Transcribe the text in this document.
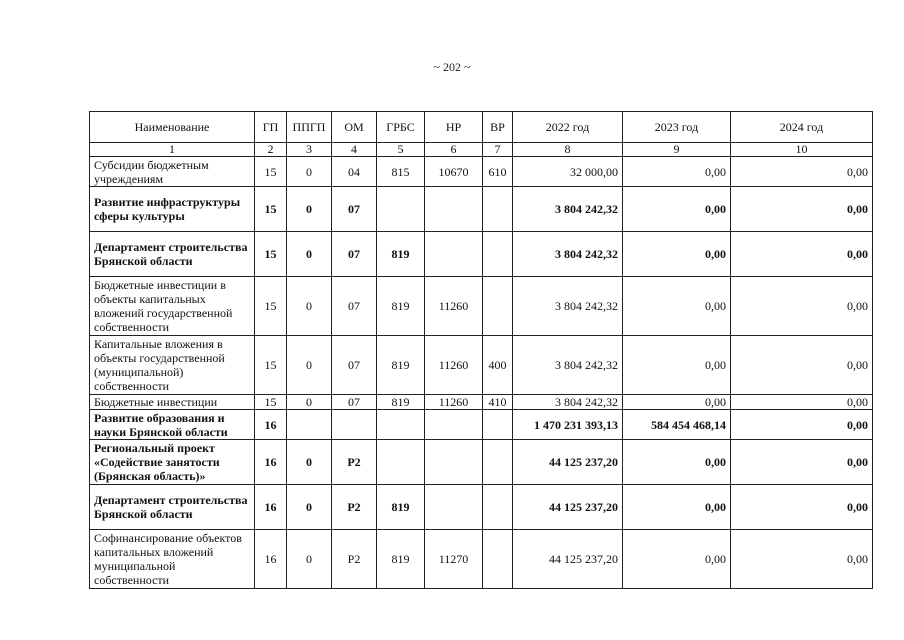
~ 202 ~
Наименование	ГП	ППГП	ОМ	ГРБС	НР	ВР	2022 год	2023 год	2024 год
1	2	3	4	5	6	7	8	9	10
Субсидии бюджетным учреждениям	15	0	04	815	10670	610	32 000,00	0,00	0,00
Развитие инфраструктуры сферы культуры	15	0	07				3 804 242,32	0,00	0,00
Департамент строительства Брянской области	15	0	07	819			3 804 242,32	0,00	0,00
Бюджетные инвестиции в объекты капитальных вложений государственной собственности	15	0	07	819	11260		3 804 242,32	0,00	0,00
Капитальные вложения в объекты государственной (муниципальной) собственности	15	0	07	819	11260	400	3 804 242,32	0,00	0,00
Бюджетные инвестиции	15	0	07	819	11260	410	3 804 242,32	0,00	0,00
Развитие образования и науки Брянской области	16						1 470 231 393,13	584 454 468,14	0,00
Региональный проект «Содействие занятости (Брянская область)»	16	0	Р2				44 125 237,20	0,00	0,00
Департамент строительства Брянской области	16	0	Р2	819			44 125 237,20	0,00	0,00
Софинансирование объектов капитальных вложений муниципальной собственности	16	0	Р2	819	11270		44 125 237,20	0,00	0,00
